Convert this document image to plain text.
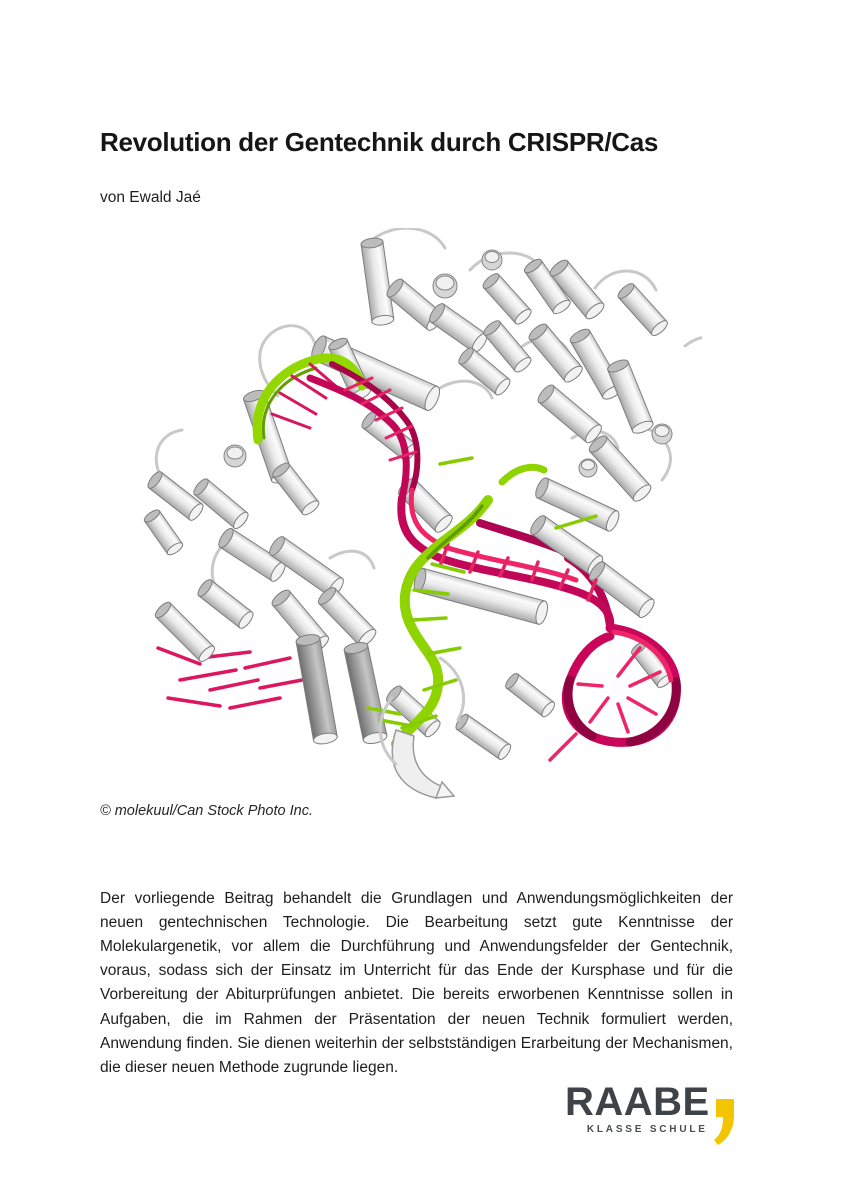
Revolution der Gentechnik durch CRISPR/Cas
von Ewald Jaé
© molekuul/Can Stock Photo Inc.

Der vorliegende Beitrag behandelt die Grundlagen und Anwendungsmöglichkeiten der neuen gentechnischen Technologie. Die Bearbeitung setzt gute Kenntnisse der Molekulargenetik, vor allem die Durchführung und Anwendungsfelder der Gentechnik, voraus, sodass sich der Einsatz im Unterricht für das Ende der Kursphase und für die Vorbereitung der Abiturprüfungen anbietet. Die bereits erworbenen Kenntnisse sollen in Aufgaben, die im Rahmen der Präsentation der neuen Technik formuliert werden, Anwendung finden. Sie dienen weiterhin der selbstständigen Erarbeitung der Mechanismen, die dieser neuen Methode zugrunde liegen.

RAABE
KLASSE SCHULE
